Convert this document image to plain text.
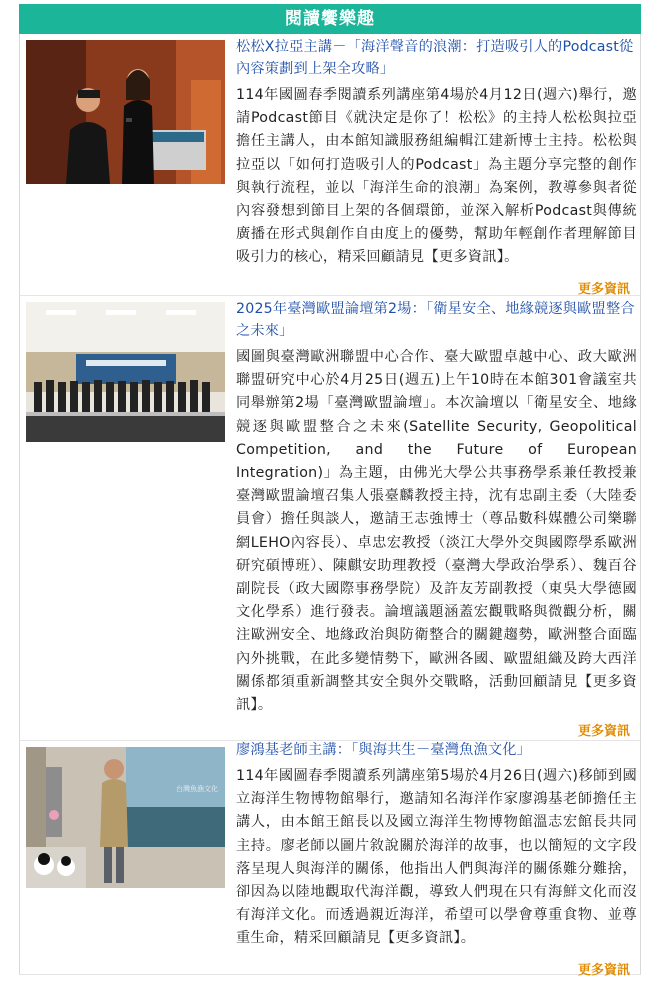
閱讀饗樂趣
松松X拉亞主講－「海洋聲音的浪潮：打造吸引人的Podcast從內容策劃到上架全攻略」

114年國圖春季閱讀系列講座第4場於4月12日(週六)舉行，邀請Podcast節目《就決定是你了！松松》的主持人松松與拉亞擔任主講人，由本館知識服務組編輯江建新博士主持。松松與拉亞以「如何打造吸引人的Podcast」為主題分享完整的創作與執行流程，並以「海洋生命的浪潮」為案例，教導參與者從內容發想到節目上架的各個環節，並深入解析Podcast與傳統廣播在形式與創作自由度上的優勢，幫助年輕創作者理解節目吸引力的核心，精采回顧請見【更多資訊】。

更多資訊
2025年臺灣歐盟論壇第2場：「衛星安全、地緣競逐與歐盟整合之未來」

國圖與臺灣歐洲聯盟中心合作、臺大歐盟卓越中心、政大歐洲聯盟研究中心於4月25日(週五)上午10時在本館301會議室共同舉辦第2場「臺灣歐盟論壇」。本次論壇以「衛星安全、地緣競逐與歐盟整合之未來(Satellite Security, Geopolitical Competition, and the Future of European Integration)」為主題，由佛光大學公共事務學系兼任教授兼臺灣歐盟論壇召集人張臺麟教授主持，沈有忠副主委（大陸委員會）擔任與談人，邀請王志強博士（尊品數科媒體公司樂聯網LEHO內容長）、卓忠宏教授（淡江大學外交與國際學系歐洲研究碩博班）、陳麒安助理教授（臺灣大學政治學系）、魏百谷副院長（政大國際事務學院）及許友芳副教授（東吳大學德國文化學系）進行發表。論壇議題涵蓋宏觀戰略與微觀分析，關注歐洲安全、地緣政治與防衛整合的關鍵趨勢，歐洲整合面臨內外挑戰，在此多變情勢下，歐洲各國、歐盟組織及跨大西洋關係都須重新調整其安全與外交戰略，活動回顧請見【更多資訊】。

更多資訊
台灣魚漁文化
廖鴻基老師主講：「與海共生－臺灣魚漁文化」

114年國圖春季閱讀系列講座第5場於4月26日(週六)移師到國立海洋生物博物館舉行，邀請知名海洋作家廖鴻基老師擔任主講人，由本館王館長以及國立海洋生物博物館溫志宏館長共同主持。廖老師以圖片敘說關於海洋的故事，也以簡短的文字段落呈現人與海洋的關係，他指出人們與海洋的關係難分難捨，卻因為以陸地觀取代海洋觀，導致人們現在只有海鮮文化而沒有海洋文化。而透過親近海洋，希望可以學會尊重食物、並尊重生命，精采回顧請見【更多資訊】。

更多資訊
